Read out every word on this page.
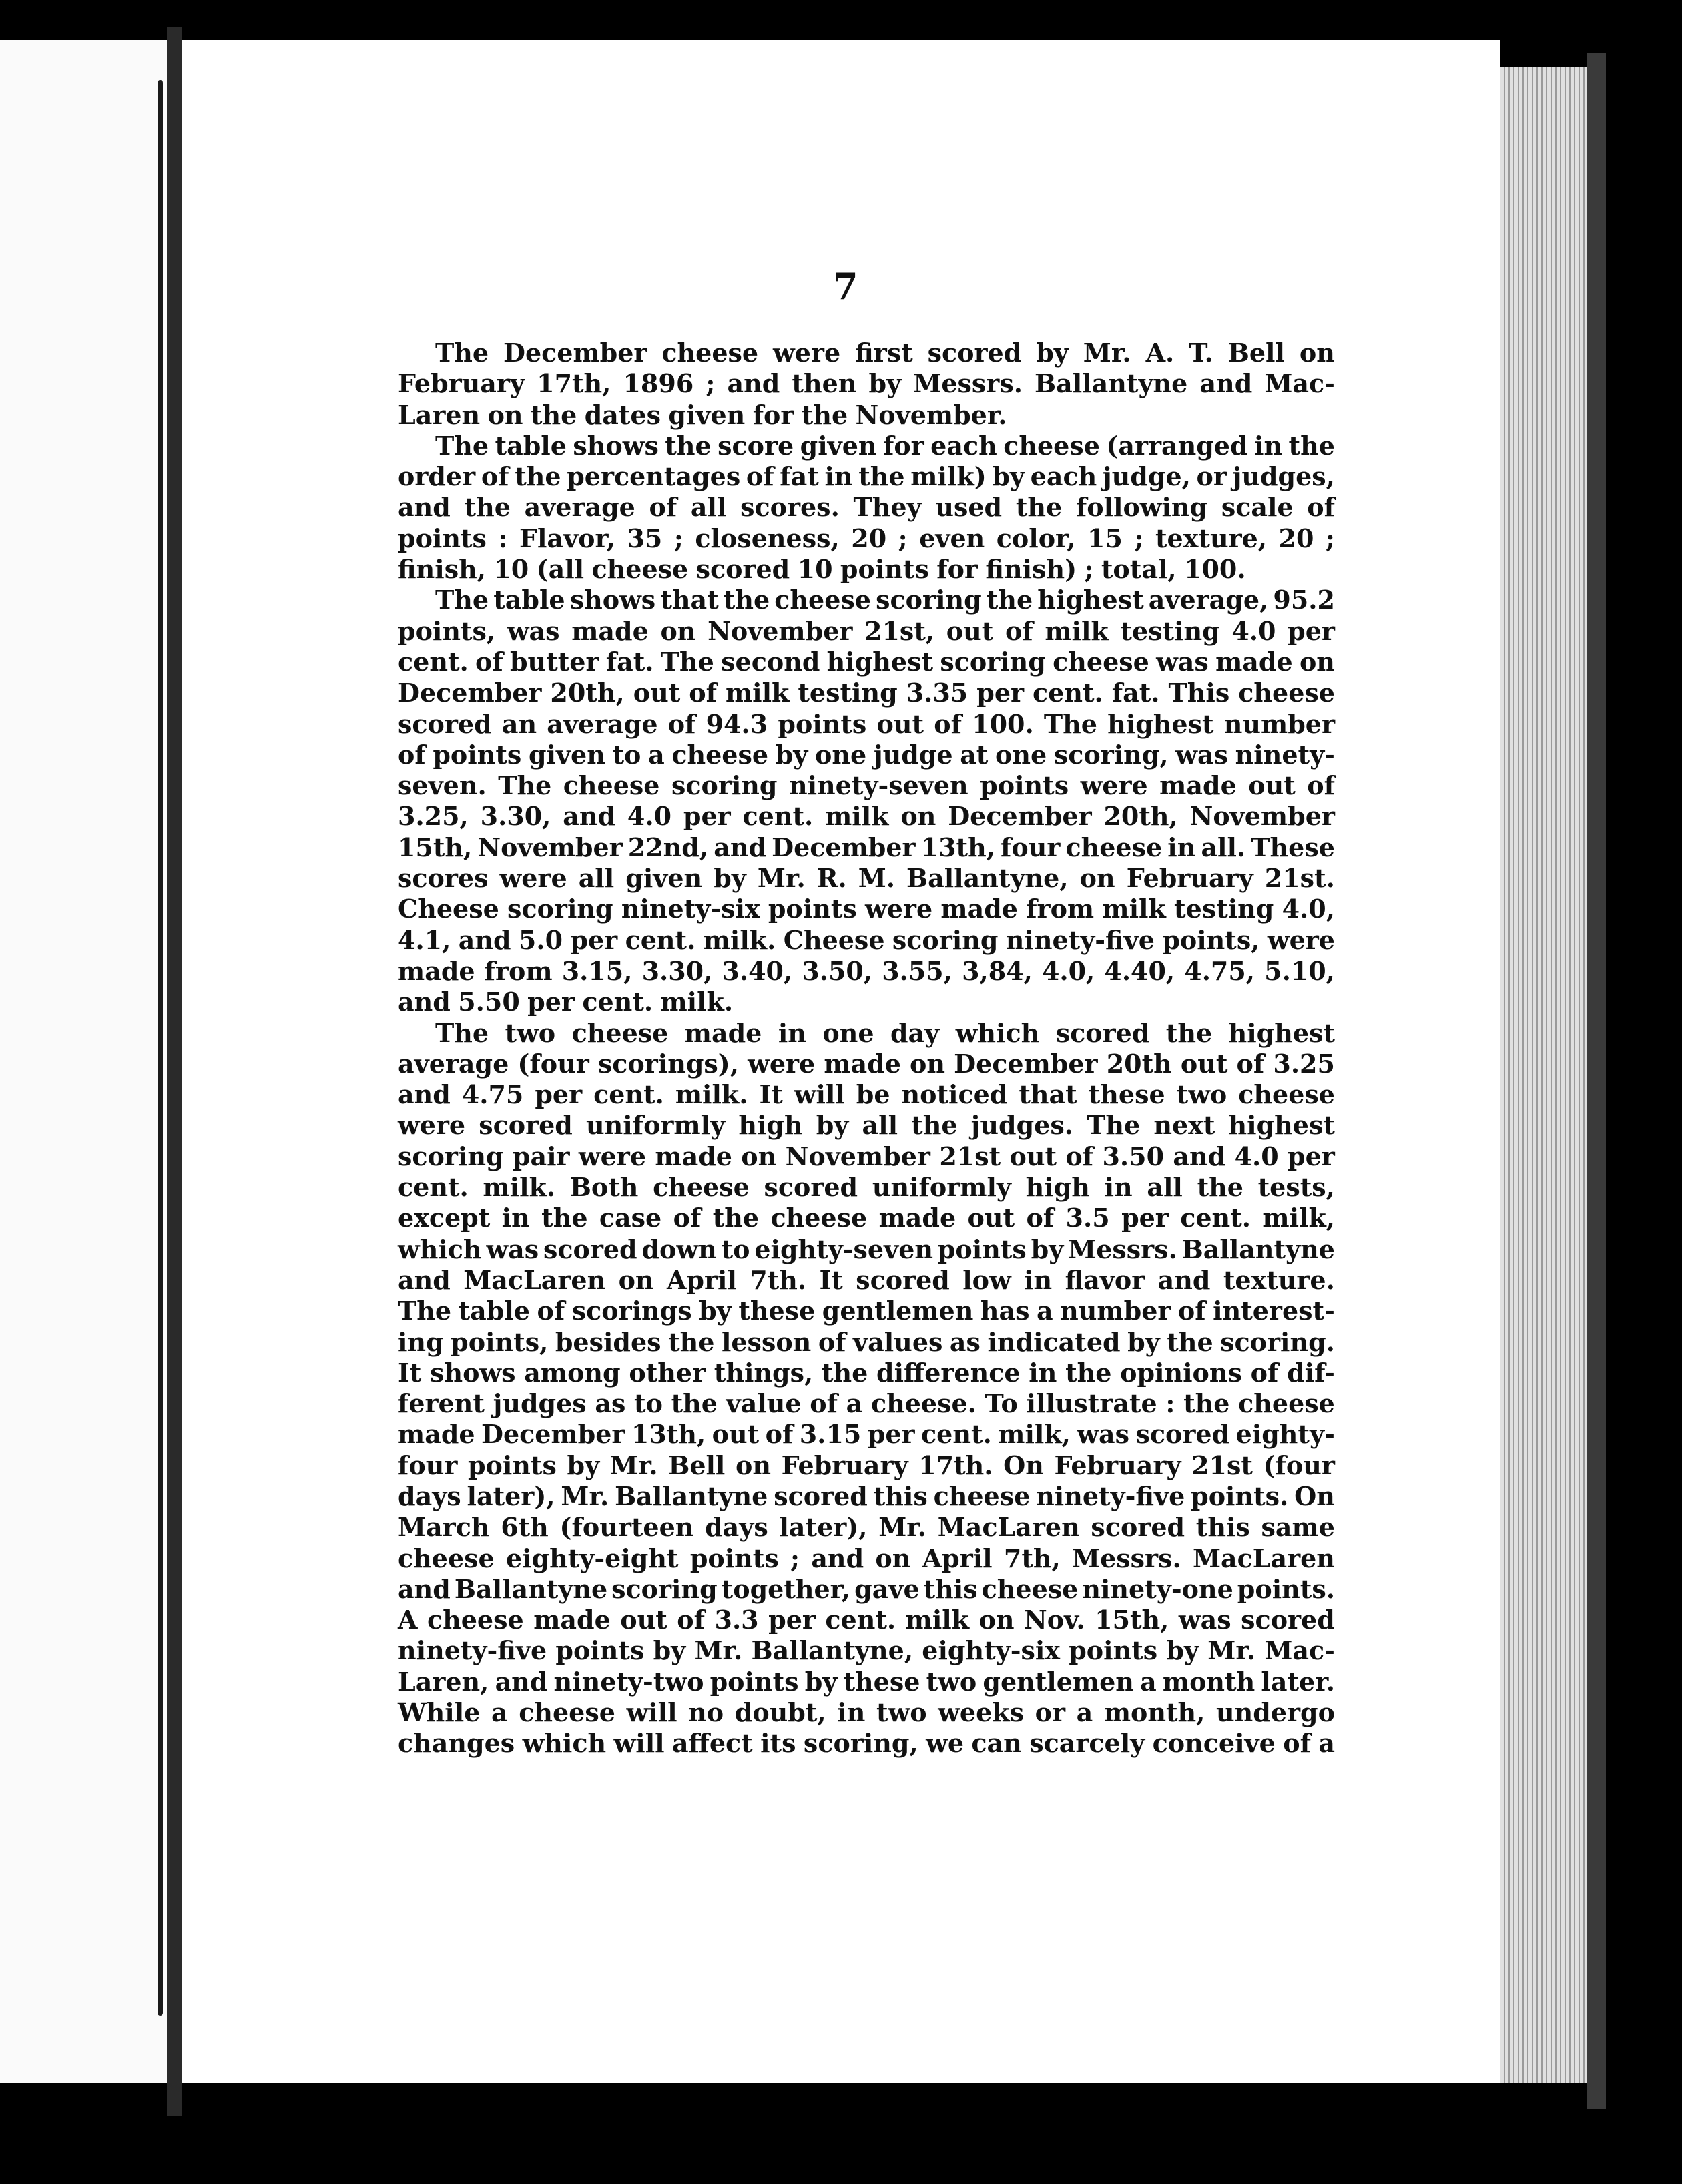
7
The December cheese were first scored by Mr. A. T. Bell on
February 17th, 1896 ; and then by Messrs. Ballantyne and Mac-
Laren on the dates given for the November.
The table shows the score given for each cheese (arranged in the
order of the percentages of fat in the milk) by each judge, or judges,
and the average of all scores. They used the following scale of
points : Flavor, 35 ; closeness, 20 ; even color, 15 ; texture, 20 ;
finish, 10 (all cheese scored 10 points for finish) ; total, 100.
The table shows that the cheese scoring the highest average, 95.2
points, was made on November 21st, out of milk testing 4.0 per
cent. of butter fat. The second highest scoring cheese was made on
December 20th, out of milk testing 3.35 per cent. fat. This cheese
scored an average of 94.3 points out of 100. The highest number
of points given to a cheese by one judge at one scoring, was ninety-
seven. The cheese scoring ninety-seven points were made out of
3.25, 3.30, and 4.0 per cent. milk on December 20th, November
15th, November 22nd, and December 13th, four cheese in all. These
scores were all given by Mr. R. M. Ballantyne, on February 21st.
Cheese scoring ninety-six points were made from milk testing 4.0,
4.1, and 5.0 per cent. milk. Cheese scoring ninety-five points, were
made from 3.15, 3.30, 3.40, 3.50, 3.55, 3,84, 4.0, 4.40, 4.75, 5.10,
and 5.50 per cent. milk.
The two cheese made in one day which scored the highest
average (four scorings), were made on December 20th out of 3.25
and 4.75 per cent. milk. It will be noticed that these two cheese
were scored uniformly high by all the judges. The next highest
scoring pair were made on November 21st out of 3.50 and 4.0 per
cent. milk. Both cheese scored uniformly high in all the tests,
except in the case of the cheese made out of 3.5 per cent. milk,
which was scored down to eighty-seven points by Messrs. Ballantyne
and MacLaren on April 7th. It scored low in flavor and texture.
The table of scorings by these gentlemen has a number of interest-
ing points, besides the lesson of values as indicated by the scoring.
It shows among other things, the difference in the opinions of dif-
ferent judges as to the value of a cheese. To illustrate : the cheese
made December 13th, out of 3.15 per cent. milk, was scored eighty-
four points by Mr. Bell on February 17th. On February 21st (four
days later), Mr. Ballantyne scored this cheese ninety-five points. On
March 6th (fourteen days later), Mr. MacLaren scored this same
cheese eighty-eight points ; and on April 7th, Messrs. MacLaren
and Ballantyne scoring together, gave this cheese ninety-one points.
A cheese made out of 3.3 per cent. milk on Nov. 15th, was scored
ninety-five points by Mr. Ballantyne, eighty-six points by Mr. Mac-
Laren, and ninety-two points by these two gentlemen a month later.
While a cheese will no doubt, in two weeks or a month, undergo
changes which will affect its scoring, we can scarcely conceive of a
